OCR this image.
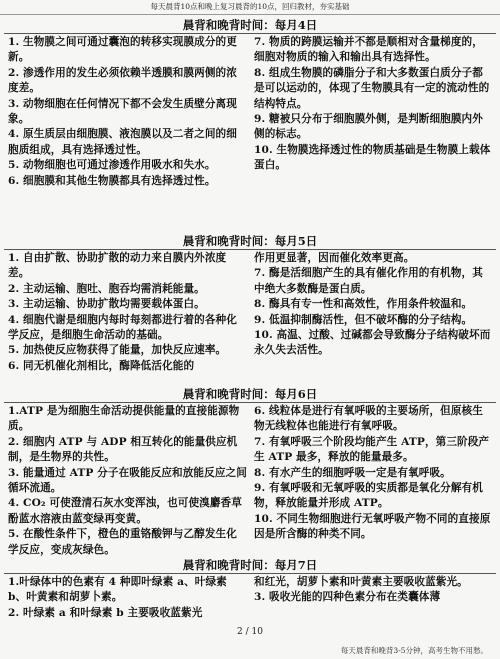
每天晨背10点和晚上复习晨背的10点，回归教材，夯实基础
晨背和晚背时间：每月4日

1. 生物膜之间可通过囊泡的转移实现膜成分的更新。

2. 渗透作用的发生必须依赖半透膜和膜两侧的浓度差。

3. 动物细胞在任何情况下都不会发生质壁分离现象。

4. 原生质层由细胞膜、液泡膜以及二者之间的细胞质组成，具有选择透过性。

5. 动物细胞也可通过渗透作用吸水和失水。

6. 细胞膜和其他生物膜都具有选择透过性。

7. 物质的跨膜运输并不都是顺相对含量梯度的，细胞对物质的输入和输出具有选择性。

8. 组成生物膜的磷脂分子和大多数蛋白质分子都是可以运动的，体现了生物膜具有一定的流动性的结构特点。

9. 糖被只分布于细胞膜外侧，是判断细胞膜内外侧的标志。

10. 生物膜选择透过性的物质基础是生物膜上载体蛋白。

晨背和晚背时间：每月5日

1. 自由扩散、协助扩散的动力来自膜内外浓度差。

2. 主动运输、胞吐、胞吞均需消耗能量。

3. 主动运输、协助扩散均需要载体蛋白。

4. 细胞代谢是细胞内每时每刻都进行着的各种化学反应，是细胞生命活动的基础。

5. 加热使反应物获得了能量，加快反应速率。

6. 同无机催化剂相比，酶降低活化能的

作用更显著，因而催化效率更高。

7. 酶是活细胞产生的具有催化作用的有机物，其中绝大多数酶是蛋白质。

8. 酶具有专一性和高效性，作用条件较温和。

9. 低温抑制酶活性，但不破坏酶的分子结构。

10. 高温、过酸、过碱都会导致酶分子结构破坏而永久失去活性。

晨背和晚背时间：每月6日

1.ATP 是为细胞生命活动提供能量的直接能源物质。

2. 细胞内 ATP 与 ADP 相互转化的能量供应机制，是生物界的共性。

3. 能量通过 ATP 分子在吸能反应和放能反应之间循环流通。

4. CO₂ 可使澄清石灰水变浑浊，也可使溴麝香草酚蓝水溶液由蓝变绿再变黄。

5. 在酸性条件下，橙色的重铬酸钾与乙醇发生化学反应，变成灰绿色。

6. 线粒体是进行有氧呼吸的主要场所，但原核生物无线粒体也能进行有氧呼吸。

7. 有氧呼吸三个阶段均能产生 ATP，第三阶段产生 ATP 最多，释放的能量最多。

8. 有水产生的细胞呼吸一定是有氧呼吸。

9. 有氧呼吸和无氧呼吸的实质都是氧化分解有机物，释放能量并形成 ATP。

10. 不同生物细胞进行无氧呼吸产物不同的直接原因是所含酶的种类不同。

晨背和晚背时间：每月7日

1.叶绿体中的色素有 4 种即叶绿素 a、叶绿素 b、叶黄素和胡萝卜素。

2. 叶绿素 a 和叶绿素 b 主要吸收蓝紫光

和红光，胡萝卜素和叶黄素主要吸收蓝紫光。

3. 吸收光能的四种色素分布在类囊体薄

2 / 10
每天晨背和晚背3-5分钟，高考生物不用愁。
